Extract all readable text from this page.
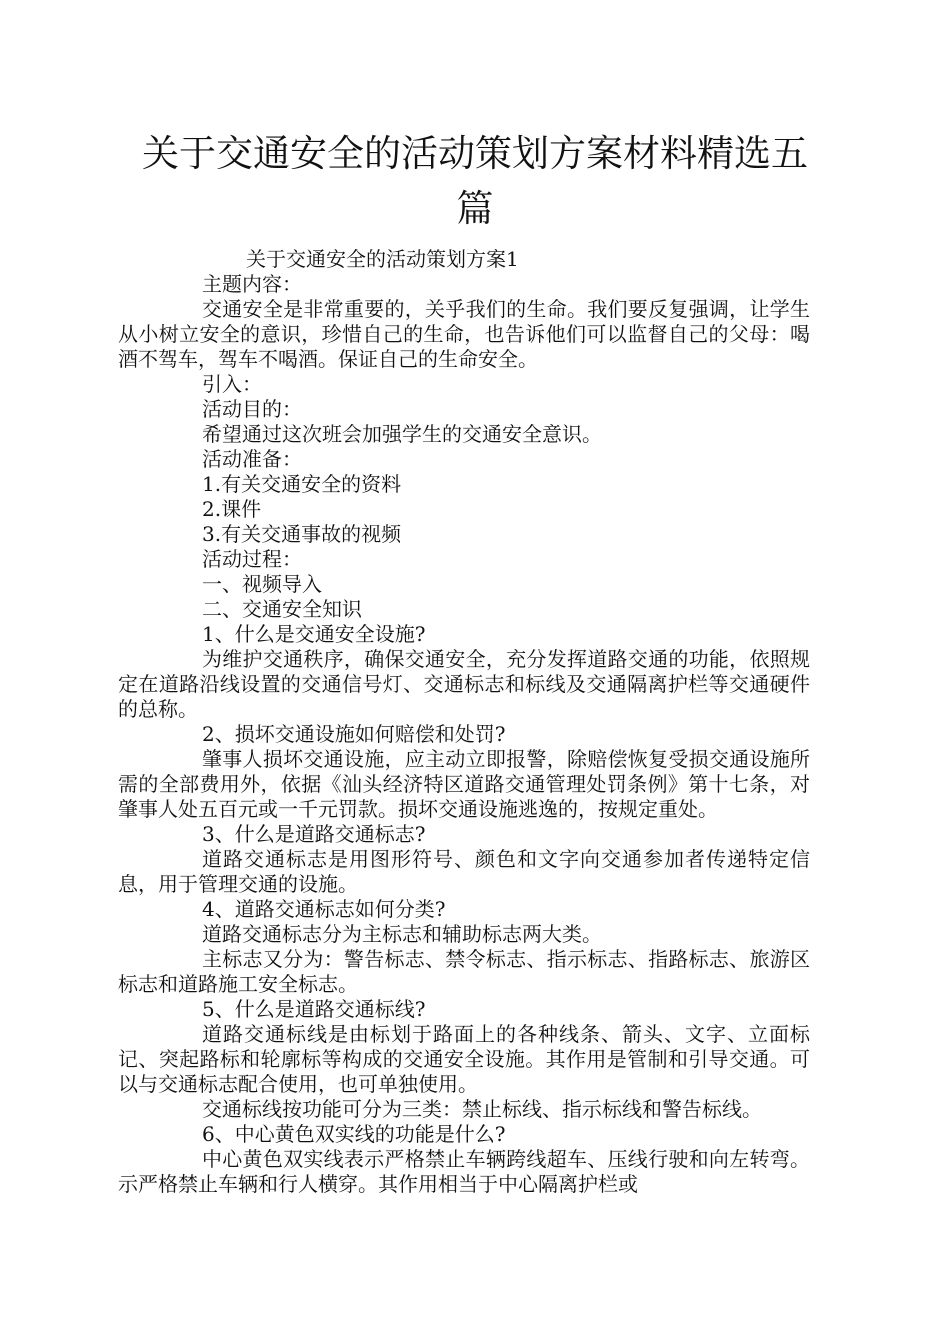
关于交通安全的活动策划方案材料精选五篇

关于交通安全的活动策划方案1

主题内容：

交通安全是非常重要的，关乎我们的生命。我们要反复强调，让学生从小树立安全的意识，珍惜自己的生命，也告诉他们可以监督自己的父母：喝酒不驾车，驾车不喝酒。保证自己的生命安全。

引入：

活动目的：

希望通过这次班会加强学生的交通安全意识。

活动准备：

1.有关交通安全的资料

2.课件

3.有关交通事故的视频

活动过程：

一、视频导入

二、交通安全知识

1、什么是交通安全设施?

为维护交通秩序，确保交通安全，充分发挥道路交通的功能，依照规定在道路沿线设置的交通信号灯、交通标志和标线及交通隔离护栏等交通硬件的总称。

2、损坏交通设施如何赔偿和处罚?

肇事人损坏交通设施，应主动立即报警，除赔偿恢复受损交通设施所需的全部费用外，依据《汕头经济特区道路交通管理处罚条例》第十七条，对肇事人处五百元或一千元罚款。损坏交通设施逃逸的，按规定重处。

3、什么是道路交通标志?

道路交通标志是用图形符号、颜色和文字向交通参加者传递特定信息，用于管理交通的设施。

4、道路交通标志如何分类?

道路交通标志分为主标志和辅助标志两大类。

主标志又分为：警告标志、禁令标志、指示标志、指路标志、旅游区标志和道路施工安全标志。

5、什么是道路交通标线?

道路交通标线是由标划于路面上的各种线条、箭头、文字、立面标记、突起路标和轮廓标等构成的交通安全设施。其作用是管制和引导交通。可以与交通标志配合使用，也可单独使用。

交通标线按功能可分为三类：禁止标线、指示标线和警告标线。

6、中心黄色双实线的功能是什么?

中心黄色双实线表示严格禁止车辆跨线超车、压线行驶和向左转弯。示严格禁止车辆和行人横穿。其作用相当于中心隔离护栏或
